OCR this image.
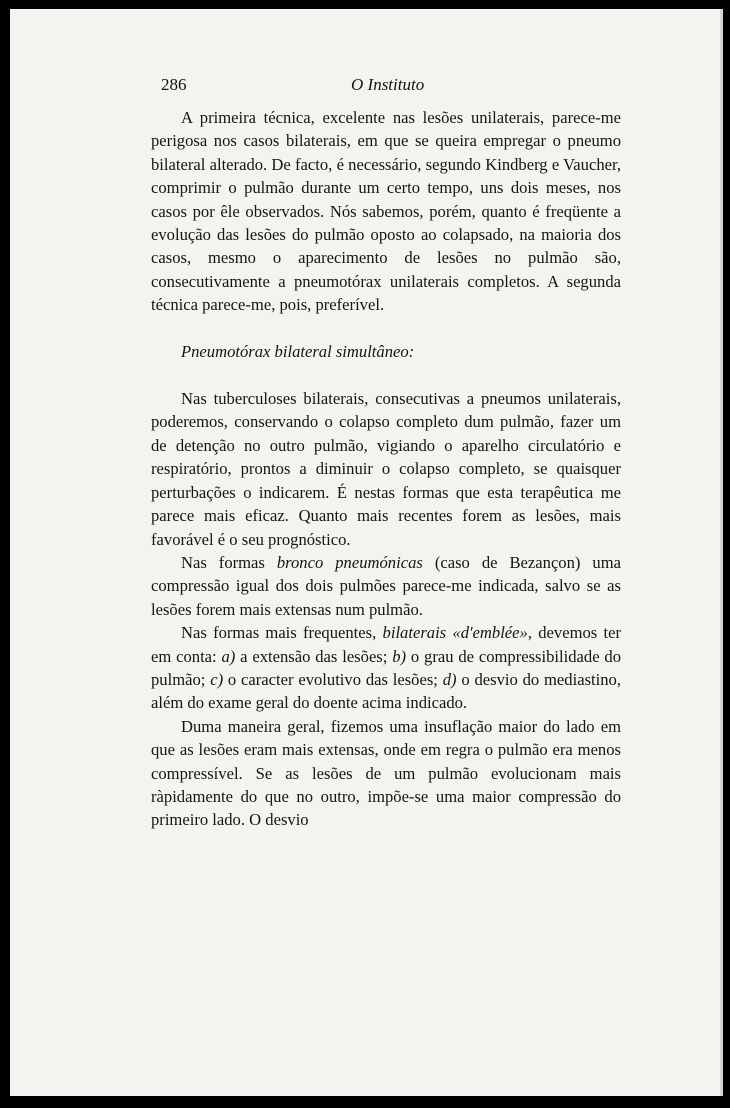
286	O Instituto

A primeira técnica, excelente nas lesões unilaterais, parece-me perigosa nos casos bilaterais, em que se queira empregar o pneumo bilateral alterado. De facto, é necessário, segundo Kindberg e Vaucher, comprimir o pulmão durante um certo tempo, uns dois meses, nos casos por êle observados. Nós sabemos, porém, quanto é freqüente a evolução das lesões do pulmão oposto ao colapsado, na maioria dos casos, mesmo o aparecimento de lesões no pulmão são, consecutivamente a pneumotórax unilaterais completos. A segunda técnica parece-me, pois, preferível.

Pneumotórax bilateral simultâneo:

Nas tuberculoses bilaterais, consecutivas a pneumos unilaterais, poderemos, conservando o colapso completo dum pulmão, fazer um de detenção no outro pulmão, vigiando o aparelho circulatório e respiratório, prontos a diminuir o colapso completo, se quaisquer perturbações o indicarem. É nestas formas que esta terapêutica me parece mais eficaz. Quanto mais recentes forem as lesões, mais favorável é o seu prognóstico.

Nas formas bronco pneumónicas (caso de Bezançon) uma compressão igual dos dois pulmões parece-me indicada, salvo se as lesões forem mais extensas num pulmão.

Nas formas mais frequentes, bilaterais «d'emblée», devemos ter em conta: a) a extensão das lesões; b) o grau de compressibilidade do pulmão; c) o caracter evolutivo das lesões; d) o desvio do mediastino, além do exame geral do doente acima indicado.

Duma maneira geral, fizemos uma insuflação maior do lado em que as lesões eram mais extensas, onde em regra o pulmão era menos compressível. Se as lesões de um pulmão evolucionam mais ràpidamente do que no outro, impõe-se uma maior compressão do primeiro lado. O desvio
